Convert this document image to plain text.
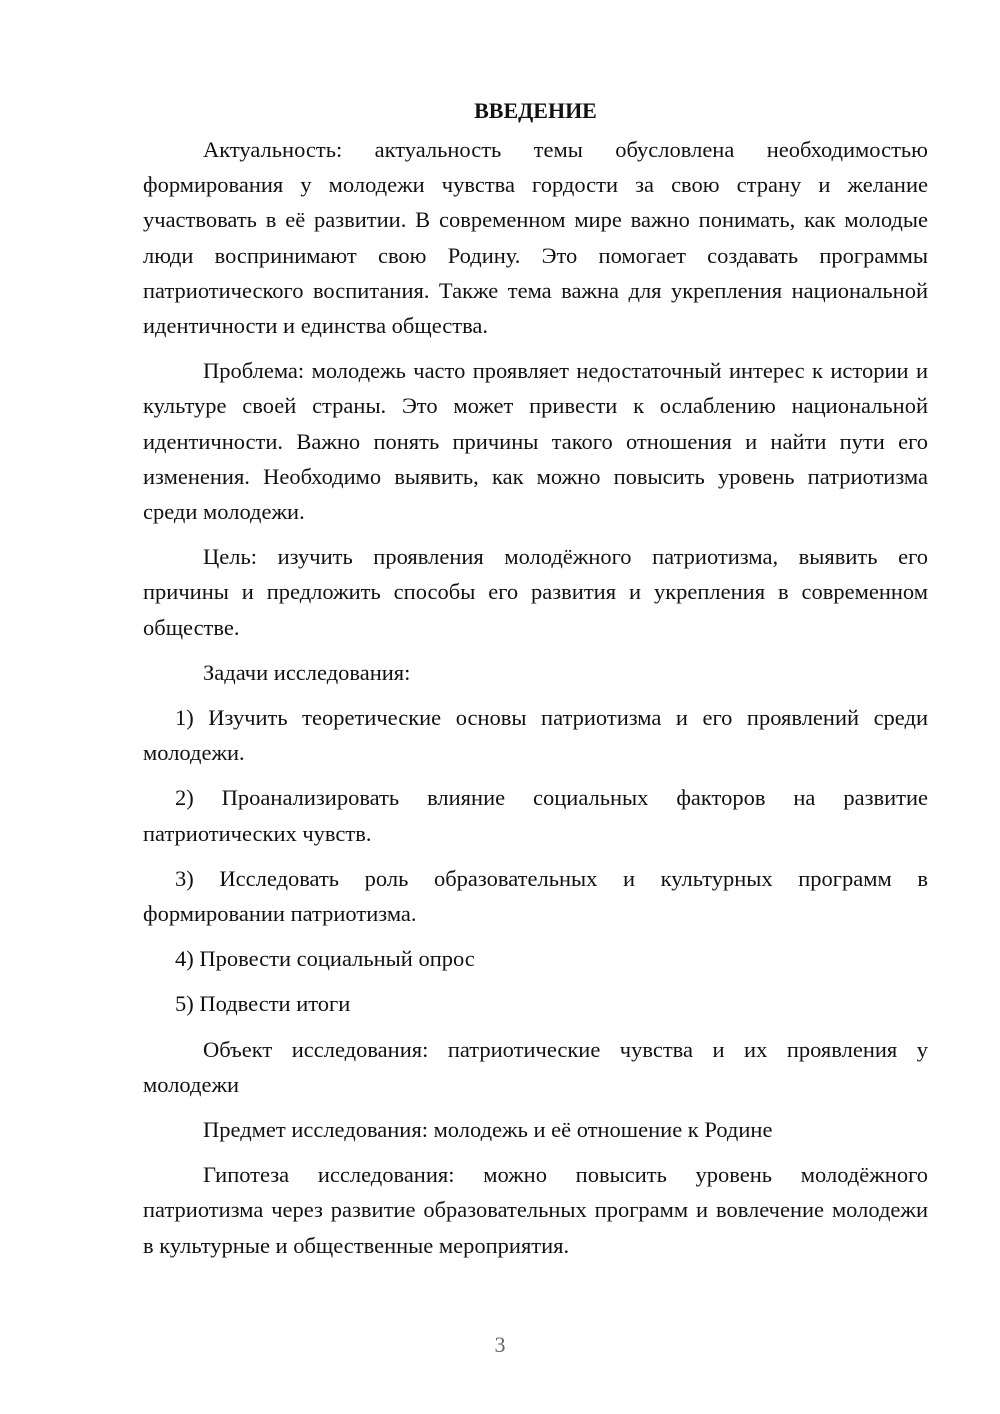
ВВЕДЕНИЕ

Актуальность: актуальность темы обусловлена необходимостью формирования у молодежи чувства гордости за свою страну и желание участвовать в её развитии. В современном мире важно понимать, как молодые люди воспринимают свою Родину. Это помогает создавать программы патриотического воспитания. Также тема важна для укрепления национальной идентичности и единства общества.

Проблема: молодежь часто проявляет недостаточный интерес к истории и культуре своей страны. Это может привести к ослаблению национальной идентичности. Важно понять причины такого отношения и найти пути его изменения. Необходимо выявить, как можно повысить уровень патриотизма среди молодежи.

Цель: изучить проявления молодёжного патриотизма, выявить его причины и предложить способы его развития и укрепления в современном обществе.

Задачи исследования:

1) Изучить теоретические основы патриотизма и его проявлений среди молодежи.

2) Проанализировать влияние социальных факторов на развитие патриотических чувств.

3) Исследовать роль образовательных и культурных программ в формировании патриотизма.

4) Провести социальный опрос

5) Подвести итоги

Объект исследования: патриотические чувства и их проявления у молодежи

Предмет исследования: молодежь и её отношение к Родине

Гипотеза исследования: можно повысить уровень молодёжного патриотизма через развитие образовательных программ и вовлечение молодежи в культурные и общественные мероприятия.

3
